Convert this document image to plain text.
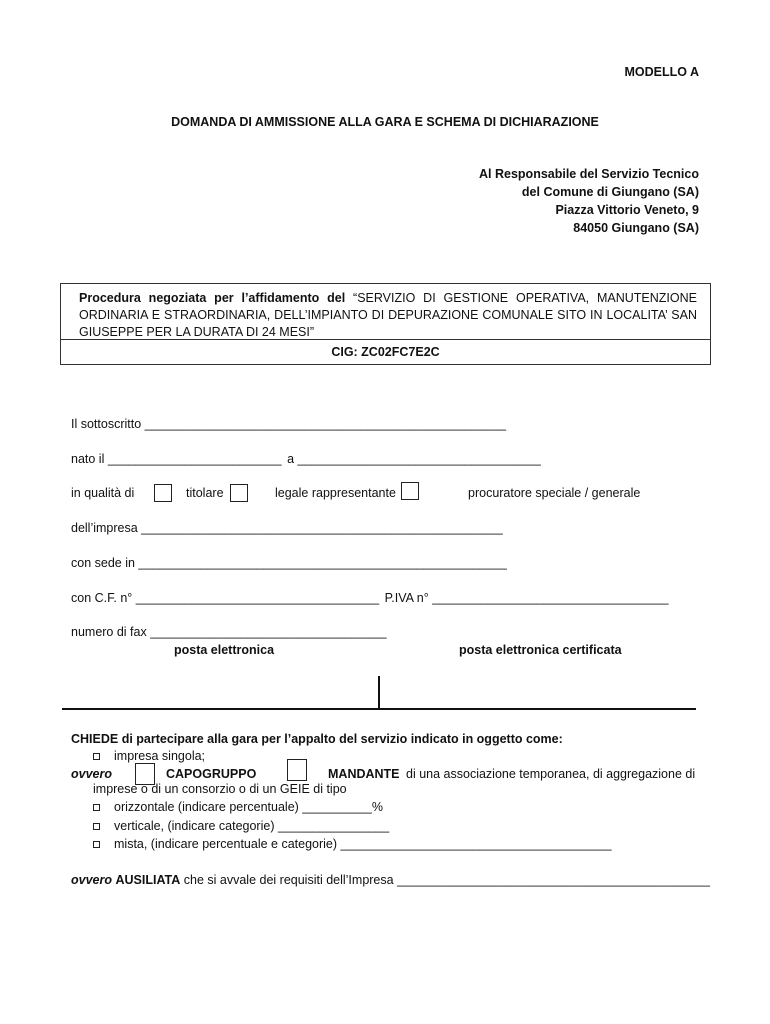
MODELLO A
DOMANDA DI AMMISSIONE ALLA GARA E SCHEMA DI DICHIARAZIONE
Al Responsabile del Servizio Tecnico
del Comune di Giungano (SA)
Piazza Vittorio Veneto, 9
84050 Giungano (SA)
Procedura negoziata per l’affidamento del “SERVIZIO DI GESTIONE OPERATIVA, MANUTENZIONE ORDINARIA E STRAORDINARIA, DELL’IMPIANTO DI DEPURAZIONE COMUNALE SITO IN LOCALITA’ SAN GIUSEPPE PER LA DURATA DI 24 MESI”
CIG: ZC02FC7E2C
Il sottoscritto ____________________________________________________
nato il _________________________ a ___________________________________
in qualità di	titolare	legale rappresentante	procuratore speciale / generale
dell’impresa ____________________________________________________
con sede in _____________________________________________________
con C.F. n° ___________________________________ P.IVA n° __________________________________
numero di fax __________________________________
posta elettronica	posta elettronica certificata
CHIEDE di partecipare alla gara per l’appalto del servizio indicato in oggetto come:
impresa singola;
ovvero	CAPOGRUPPO	MANDANTE di una associazione temporanea, di aggregazione di
imprese o di un consorzio o di un GEIE di tipo
orizzontale (indicare percentuale) __________%
verticale, (indicare categorie) ________________
mista, (indicare percentuale e categorie) _______________________________________
ovvero AUSILIATA che si avvale dei requisiti dell’Impresa _____________________________________________
